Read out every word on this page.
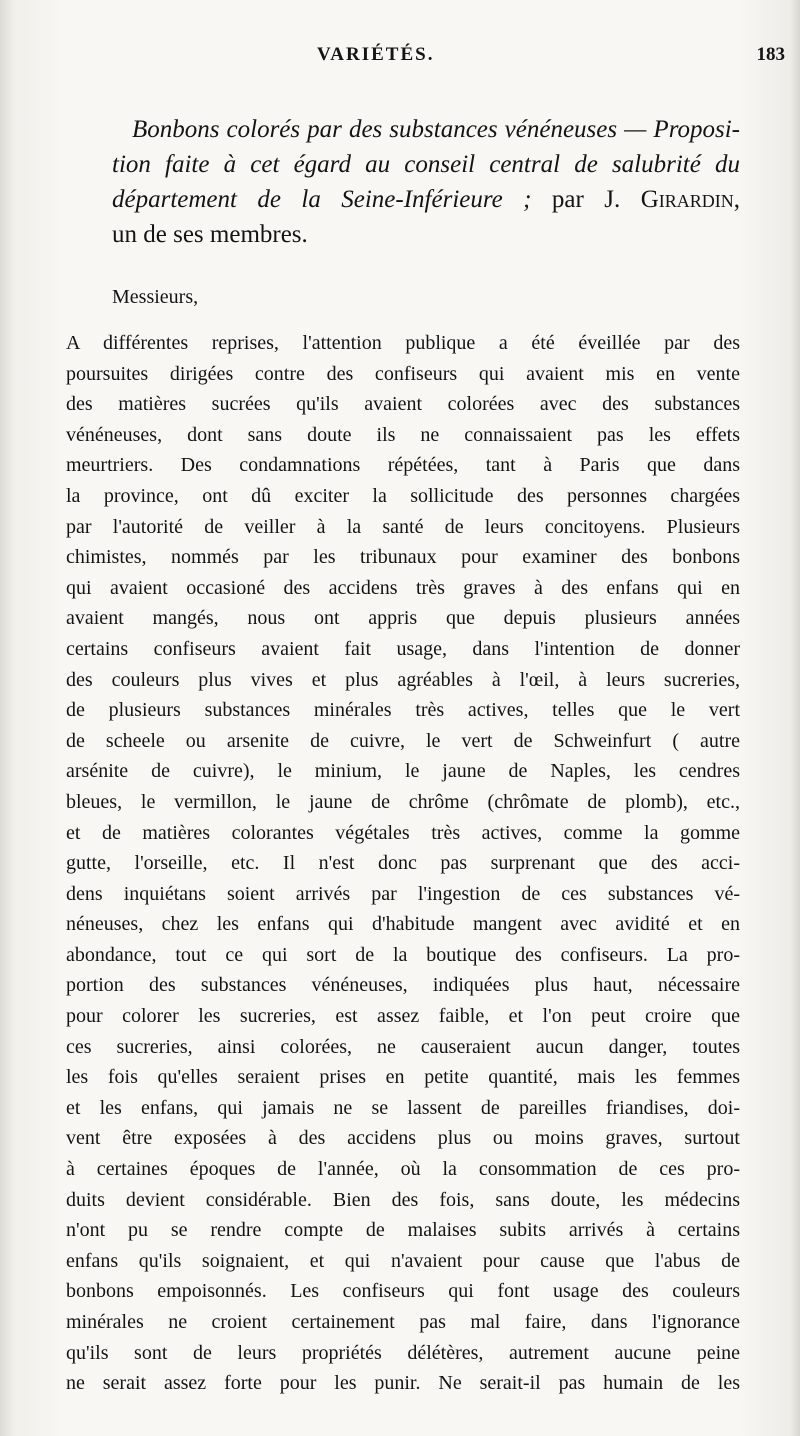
VARIÉTÉS.	183
Bonbons colorés par des substances vénéneuses — Proposi-
tion faite à cet égard au conseil central de salubrité du
département de la Seine-Inférieure ; par J. Girardin,
un de ses membres.
Messieurs,
A différentes reprises, l'attention publique a été éveillée par des
poursuites dirigées contre des confiseurs qui avaient mis en vente
des matières sucrées qu'ils avaient colorées avec des substances
vénéneuses, dont sans doute ils ne connaissaient pas les effets
meurtriers. Des condamnations répétées, tant à Paris que dans
la province, ont dû exciter la sollicitude des personnes chargées
par l'autorité de veiller à la santé de leurs concitoyens. Plusieurs
chimistes, nommés par les tribunaux pour examiner des bonbons
qui avaient occasioné des accidens très graves à des enfans qui en
avaient mangés, nous ont appris que depuis plusieurs années
certains confiseurs avaient fait usage, dans l'intention de donner
des couleurs plus vives et plus agréables à l'œil, à leurs sucreries,
de plusieurs substances minérales très actives, telles que le vert
de scheele ou arsenite de cuivre, le vert de Schweinfurt ( autre
arsénite de cuivre), le minium, le jaune de Naples, les cendres
bleues, le vermillon, le jaune de chrôme (chrômate de plomb), etc.,
et de matières colorantes végétales très actives, comme la gomme
gutte, l'orseille, etc. Il n'est donc pas surprenant que des acci-
dens inquiétans soient arrivés par l'ingestion de ces substances vé-
néneuses, chez les enfans qui d'habitude mangent avec avidité et en
abondance, tout ce qui sort de la boutique des confiseurs. La pro-
portion des substances vénéneuses, indiquées plus haut, nécessaire
pour colorer les sucreries, est assez faible, et l'on peut croire que
ces sucreries, ainsi colorées, ne causeraient aucun danger, toutes
les fois qu'elles seraient prises en petite quantité, mais les femmes
et les enfans, qui jamais ne se lassent de pareilles friandises, doi-
vent être exposées à des accidens plus ou moins graves, surtout
à certaines époques de l'année, où la consommation de ces pro-
duits devient considérable. Bien des fois, sans doute, les médecins
n'ont pu se rendre compte de malaises subits arrivés à certains
enfans qu'ils soignaient, et qui n'avaient pour cause que l'abus de
bonbons empoisonnés. Les confiseurs qui font usage des couleurs
minérales ne croient certainement pas mal faire, dans l'ignorance
qu'ils sont de leurs propriétés délétères, autrement aucune peine
ne serait assez forte pour les punir. Ne serait-il pas humain de les
